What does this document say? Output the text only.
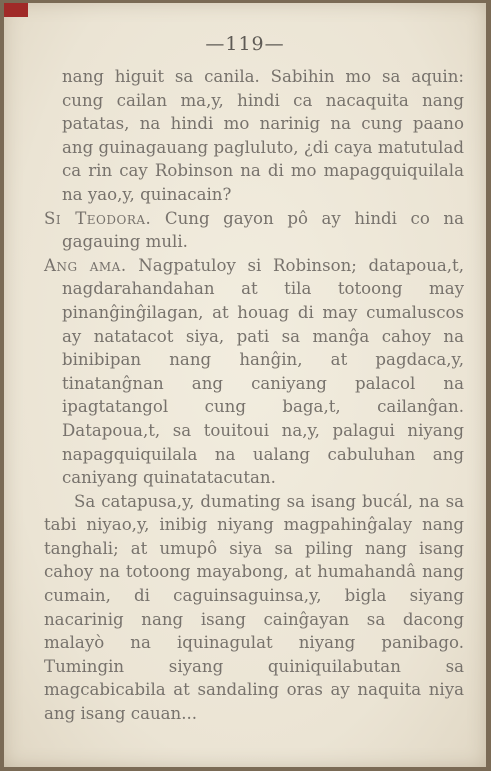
—119—

nang higuit sa canila. Sabihin mo sa aquin: cung cailan ma,y, hindi ca nacaquita nang patatas, na hindi mo narinig na cung paano ang guinagauang pagluluto, ¿di caya matutulad ca rin cay Robinson na di mo mapagquiquilala na yao,y, quinacain?

Si Teodora. Cung gayon pô ay hindi co na gagauing muli.

Ang ama. Nagpatuloy si Robinson; datapoua,t, nagdarahandahan at tila totoong may pinanĝinĝilagan, at houag di may cumaluscos ay natatacot siya, pati sa manĝa cahoy na binibipan nang hanĝin, at pagdaca,y, tinatanĝnan ang caniyang palacol na ipagtatangol cung baga,t, cailanĝan. Datapoua,t, sa touitoui na,y, palagui niyang napagquiquilala na ualang cabuluhan ang caniyang quinatatacutan.

Sa catapusa,y, dumating sa isang bucál, na sa tabi niyao,y, inibig niyang magpahinĝalay nang tanghali; at umupô siya sa piling nang isang cahoy na totoong mayabong, at humahandâ nang cumain, di caguinsaguinsa,y, bigla siyang nacarinig nang isang cainĝayan sa dacong malayò na iquinagulat niyang panibago. Tumingin siyang quiniquilabutan sa magcabicabila at sandaling oras ay naquita niya ang isang cauan...
